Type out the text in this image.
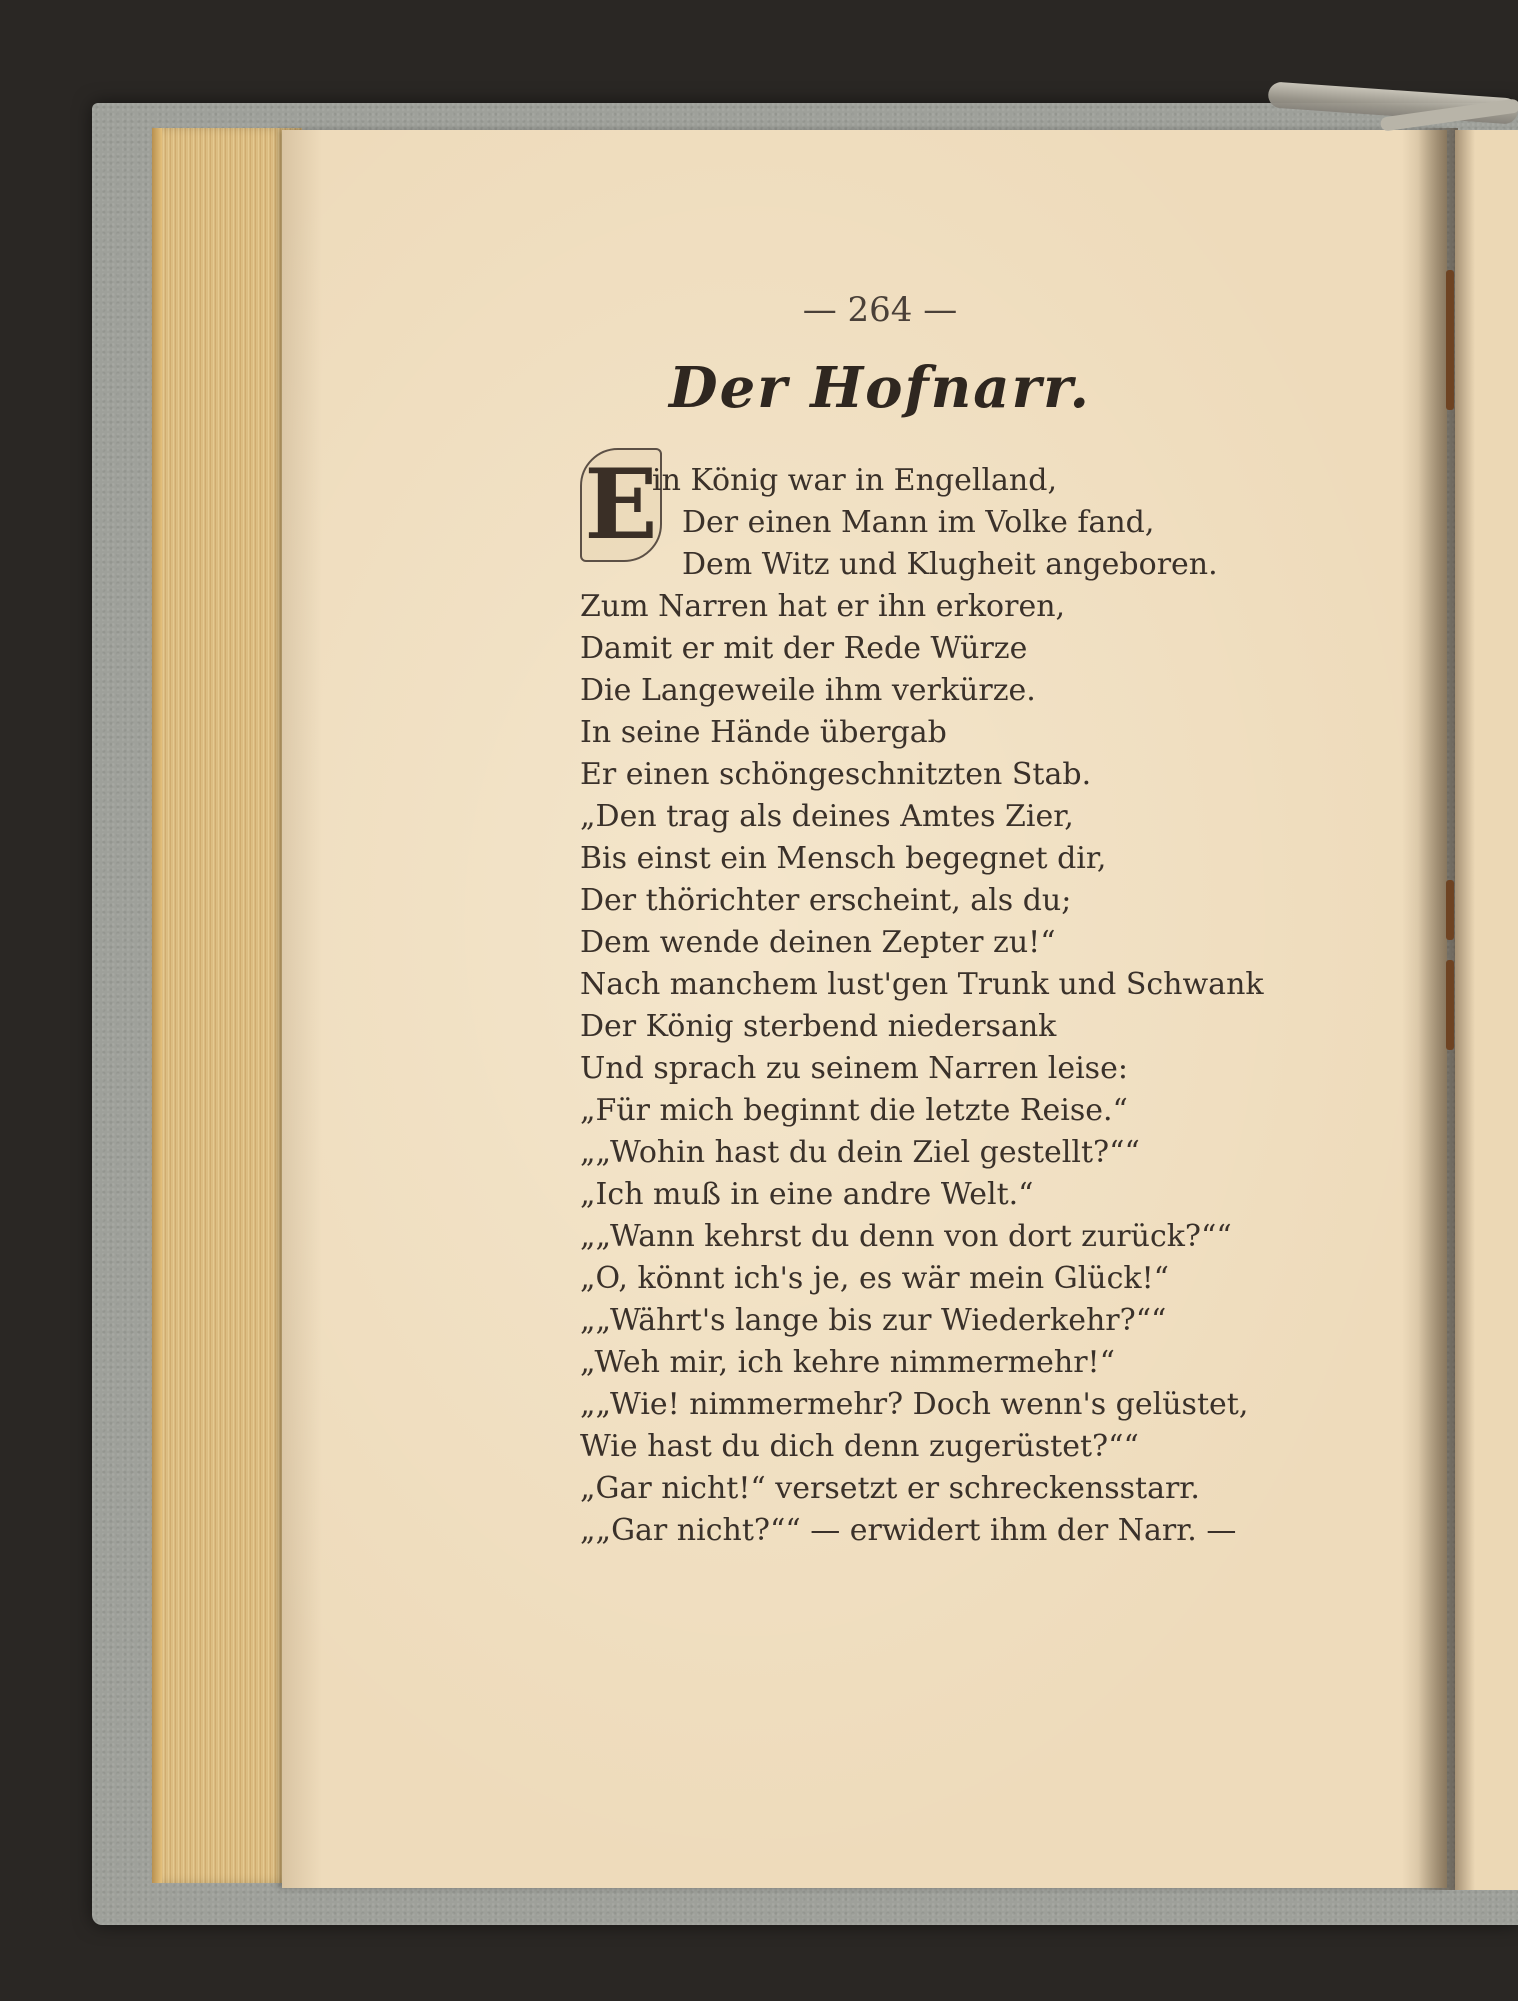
— 264 —
Der Hofnarr.
E
in König war in Engelland,
Der einen Mann im Volke fand,
Dem Witz und Klugheit angeboren.
Zum Narren hat er ihn erkoren,
Damit er mit der Rede Würze
Die Langeweile ihm verkürze.
In seine Hände übergab
Er einen schöngeschnitzten Stab.
„Den trag als deines Amtes Zier,
Bis einst ein Mensch begegnet dir,
Der thörichter erscheint, als du;
Dem wende deinen Zepter zu!“
Nach manchem lust'gen Trunk und Schwank
Der König sterbend niedersank
Und sprach zu seinem Narren leise:
„Für mich beginnt die letzte Reise.“
„„Wohin hast du dein Ziel gestellt?““
„Ich muß in eine andre Welt.“
„„Wann kehrst du denn von dort zurück?““
„O, könnt ich's je, es wär mein Glück!“
„„Währt's lange bis zur Wiederkehr?““
„Weh mir, ich kehre nimmermehr!“
„„Wie! nimmermehr? Doch wenn's gelüstet,
Wie hast du dich denn zugerüstet?““
„Gar nicht!“ versetzt er schreckensstarr.
„„Gar nicht?““ — erwidert ihm der Narr. —
